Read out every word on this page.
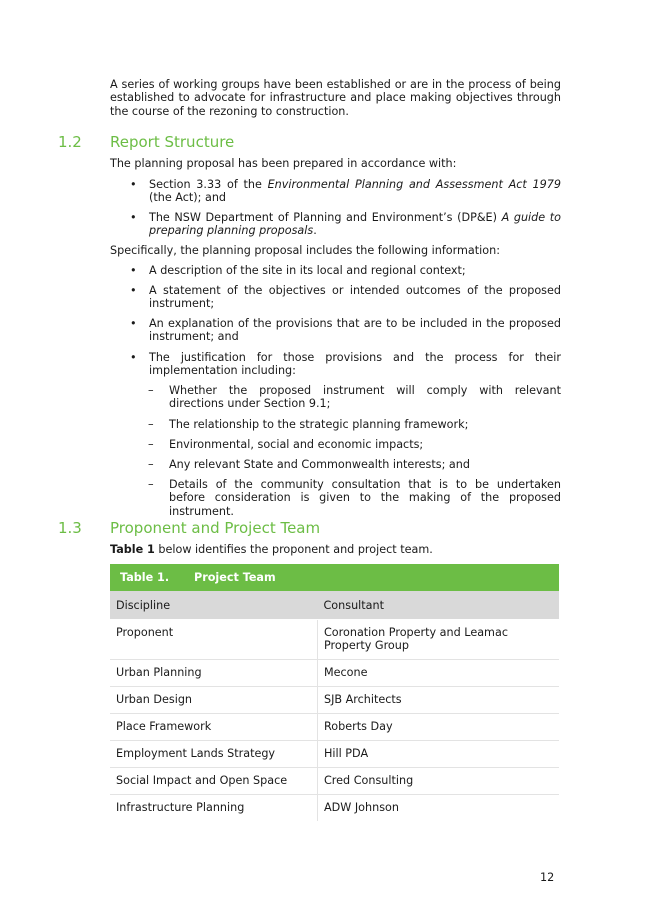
A series of working groups have been established or are in the process of being established to advocate for infrastructure and place making objectives through the course of the rezoning to construction.

1.2 Report Structure

The planning proposal has been prepared in accordance with:

• Section 3.33 of the Environmental Planning and Assessment Act 1979 (the Act); and
• The NSW Department of Planning and Environment’s (DP&E) A guide to preparing planning proposals.

Specifically, the planning proposal includes the following information:

• A description of the site in its local and regional context;
• A statement of the objectives or intended outcomes of the proposed instrument;
• An explanation of the provisions that are to be included in the proposed instrument; and
• The justification for those provisions and the process for their implementation including:
– Whether the proposed instrument will comply with relevant directions under Section 9.1;
– The relationship to the strategic planning framework;
– Environmental, social and economic impacts;
– Any relevant State and Commonwealth interests; and
– Details of the community consultation that is to be undertaken before consideration is given to the making of the proposed instrument.
1.3 Proponent and Project Team

Table 1 below identifies the proponent and project team.

Table 1. Project Team	
Discipline	Consultant
Proponent	Coronation Property and Leamac Property Group
Urban Planning	Mecone
Urban Design	SJB Architects
Place Framework	Roberts Day
Employment Lands Strategy	Hill PDA
Social Impact and Open Space	Cred Consulting
Infrastructure Planning	ADW Johnson
12
